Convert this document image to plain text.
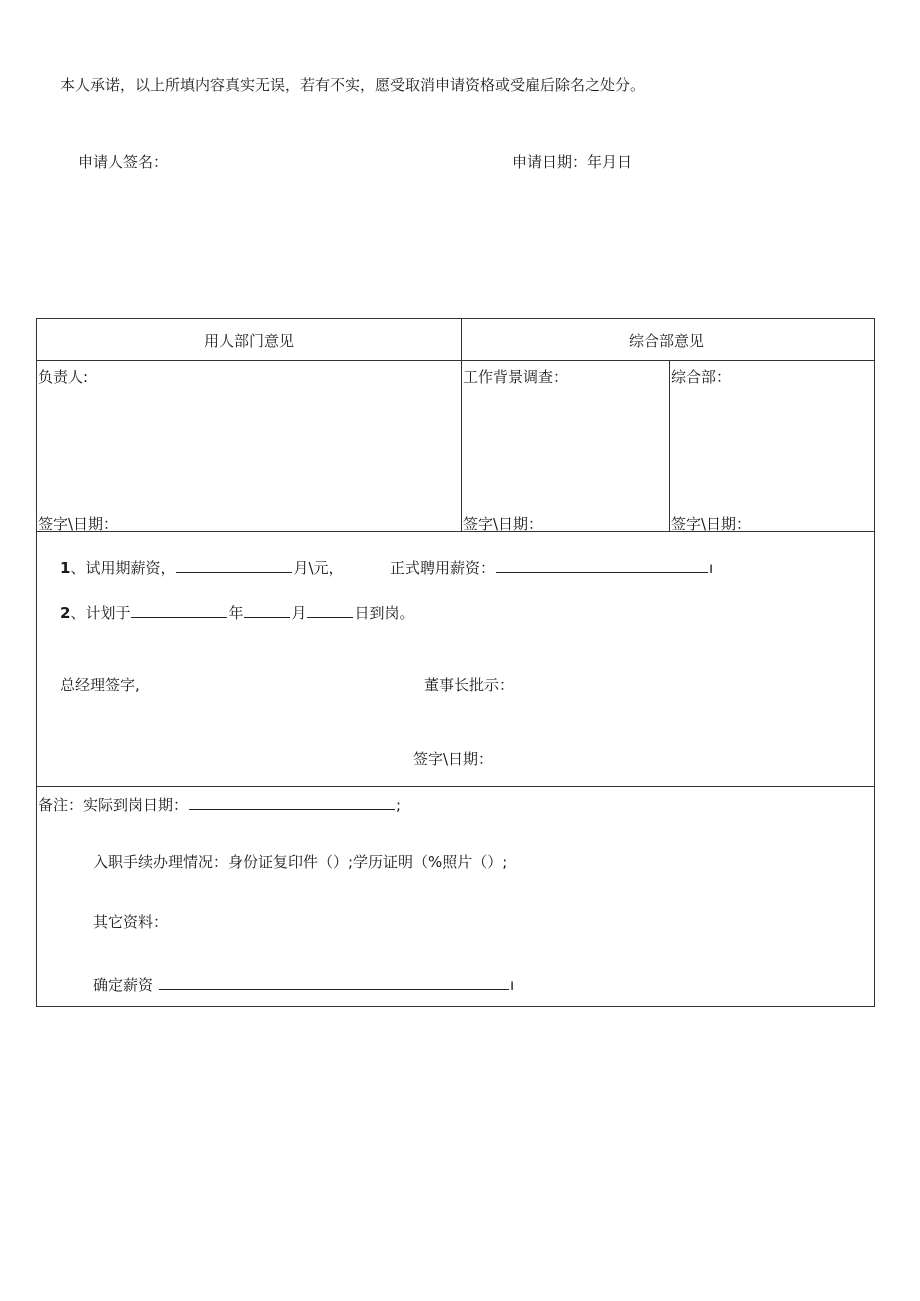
本人承诺，以上所填内容真实无误，若有不实，愿受取消申请资格或受雇后除名之处分。
申请人签名：	申请日期：年月日
用人部门意见	综合部意见
负责人:	工作背景调查：	综合部：
签字\日期：	签字\日期：	签字\日期：
1、试用期薪资，	月\元，	正式聘用薪资：	ı
2、计划于	年	月	日到岗。
总经理签字,	董事长批示：
签字\日期：
备注：实际到岗日期：	;
入职手续办理情况：身份证复印件（）;学历证明（%照片（）;
其它资料：
确定薪资	ı
